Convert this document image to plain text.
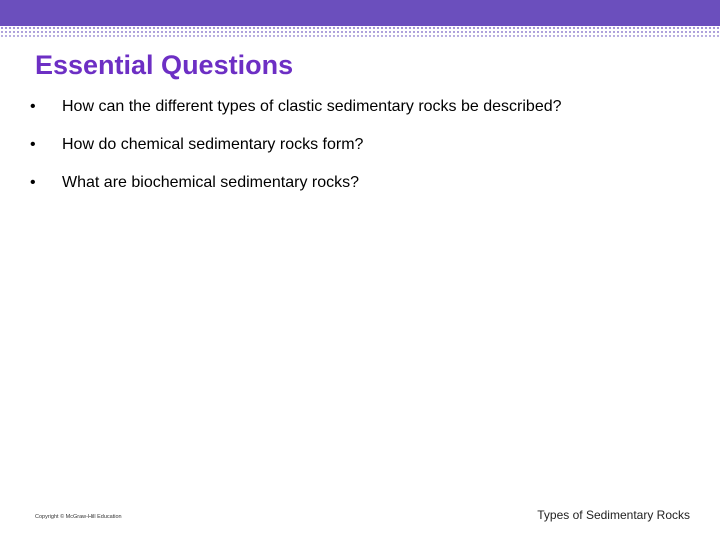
Essential Questions
•	How can the different types of clastic sedimentary rocks be described?
•	How do chemical sedimentary rocks form?
•	What are biochemical sedimentary rocks?
Copyright © McGraw-Hill Education	Types of Sedimentary Rocks
